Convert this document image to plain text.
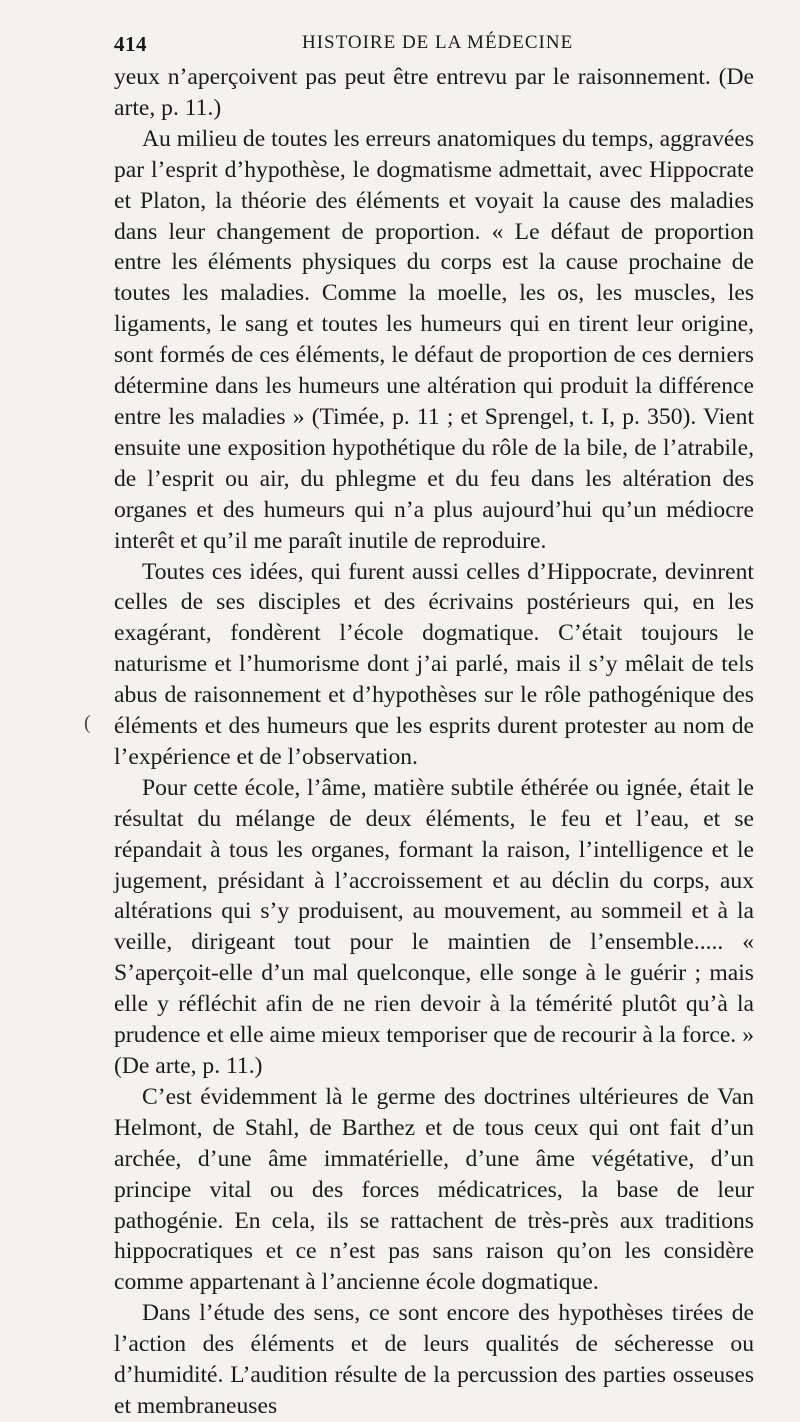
414	HISTOIRE DE LA MÉDECINE

yeux n’aperçoivent pas peut être entrevu par le raisonnement. (De arte, p. 11.)

Au milieu de toutes les erreurs anatomiques du temps, aggravées par l’esprit d’hypothèse, le dogmatisme admettait, avec Hippocrate et Platon, la théorie des éléments et voyait la cause des maladies dans leur changement de proportion. « Le défaut de proportion entre les éléments physiques du corps est la cause prochaine de toutes les maladies. Comme la moelle, les os, les muscles, les ligaments, le sang et toutes les humeurs qui en tirent leur origine, sont formés de ces éléments, le défaut de proportion de ces derniers détermine dans les humeurs une altération qui produit la différence entre les maladies » (Timée, p. 11 ; et Sprengel, t. I, p. 350). Vient ensuite une exposition hypothétique du rôle de la bile, de l’atrabile, de l’esprit ou air, du phlegme et du feu dans les altération des organes et des humeurs qui n’a plus aujourd’hui qu’un médiocre interêt et qu’il me paraît inutile de reproduire.

Toutes ces idées, qui furent aussi celles d’Hippocrate, devinrent celles de ses disciples et des écrivains postérieurs qui, en les exagérant, fondèrent l’école dogmatique. C’était toujours le naturisme et l’humorisme dont j’ai parlé, mais il s’y mêlait de tels abus de raisonnement et d’hypothèses sur le rôle pathogénique des éléments et des humeurs que les esprits durent protester au nom de l’expérience et de l’observation.

Pour cette école, l’âme, matière subtile éthérée ou ignée, était le résultat du mélange de deux éléments, le feu et l’eau, et se répandait à tous les organes, formant la raison, l’intelligence et le jugement, présidant à l’accroissement et au déclin du corps, aux altérations qui s’y produisent, au mouvement, au sommeil et à la veille, dirigeant tout pour le maintien de l’ensemble..... « S’aperçoit-elle d’un mal quelconque, elle songe à le guérir ; mais elle y réfléchit afin de ne rien devoir à la témérité plutôt qu’à la prudence et elle aime mieux temporiser que de recourir à la force. » (De arte, p. 11.)

C’est évidemment là le germe des doctrines ultérieures de Van Helmont, de Stahl, de Barthez et de tous ceux qui ont fait d’un archée, d’une âme immatérielle, d’une âme végétative, d’un principe vital ou des forces médicatrices, la base de leur pathogénie. En cela, ils se rattachent de très-près aux traditions hippocratiques et ce n’est pas sans raison qu’on les considère comme appartenant à l’ancienne école dogmatique.

Dans l’étude des sens, ce sont encore des hypothèses tirées de l’action des éléments et de leurs qualités de sécheresse ou d’humidité. L’audition résulte de la percussion des parties osseuses et membraneuses

(
